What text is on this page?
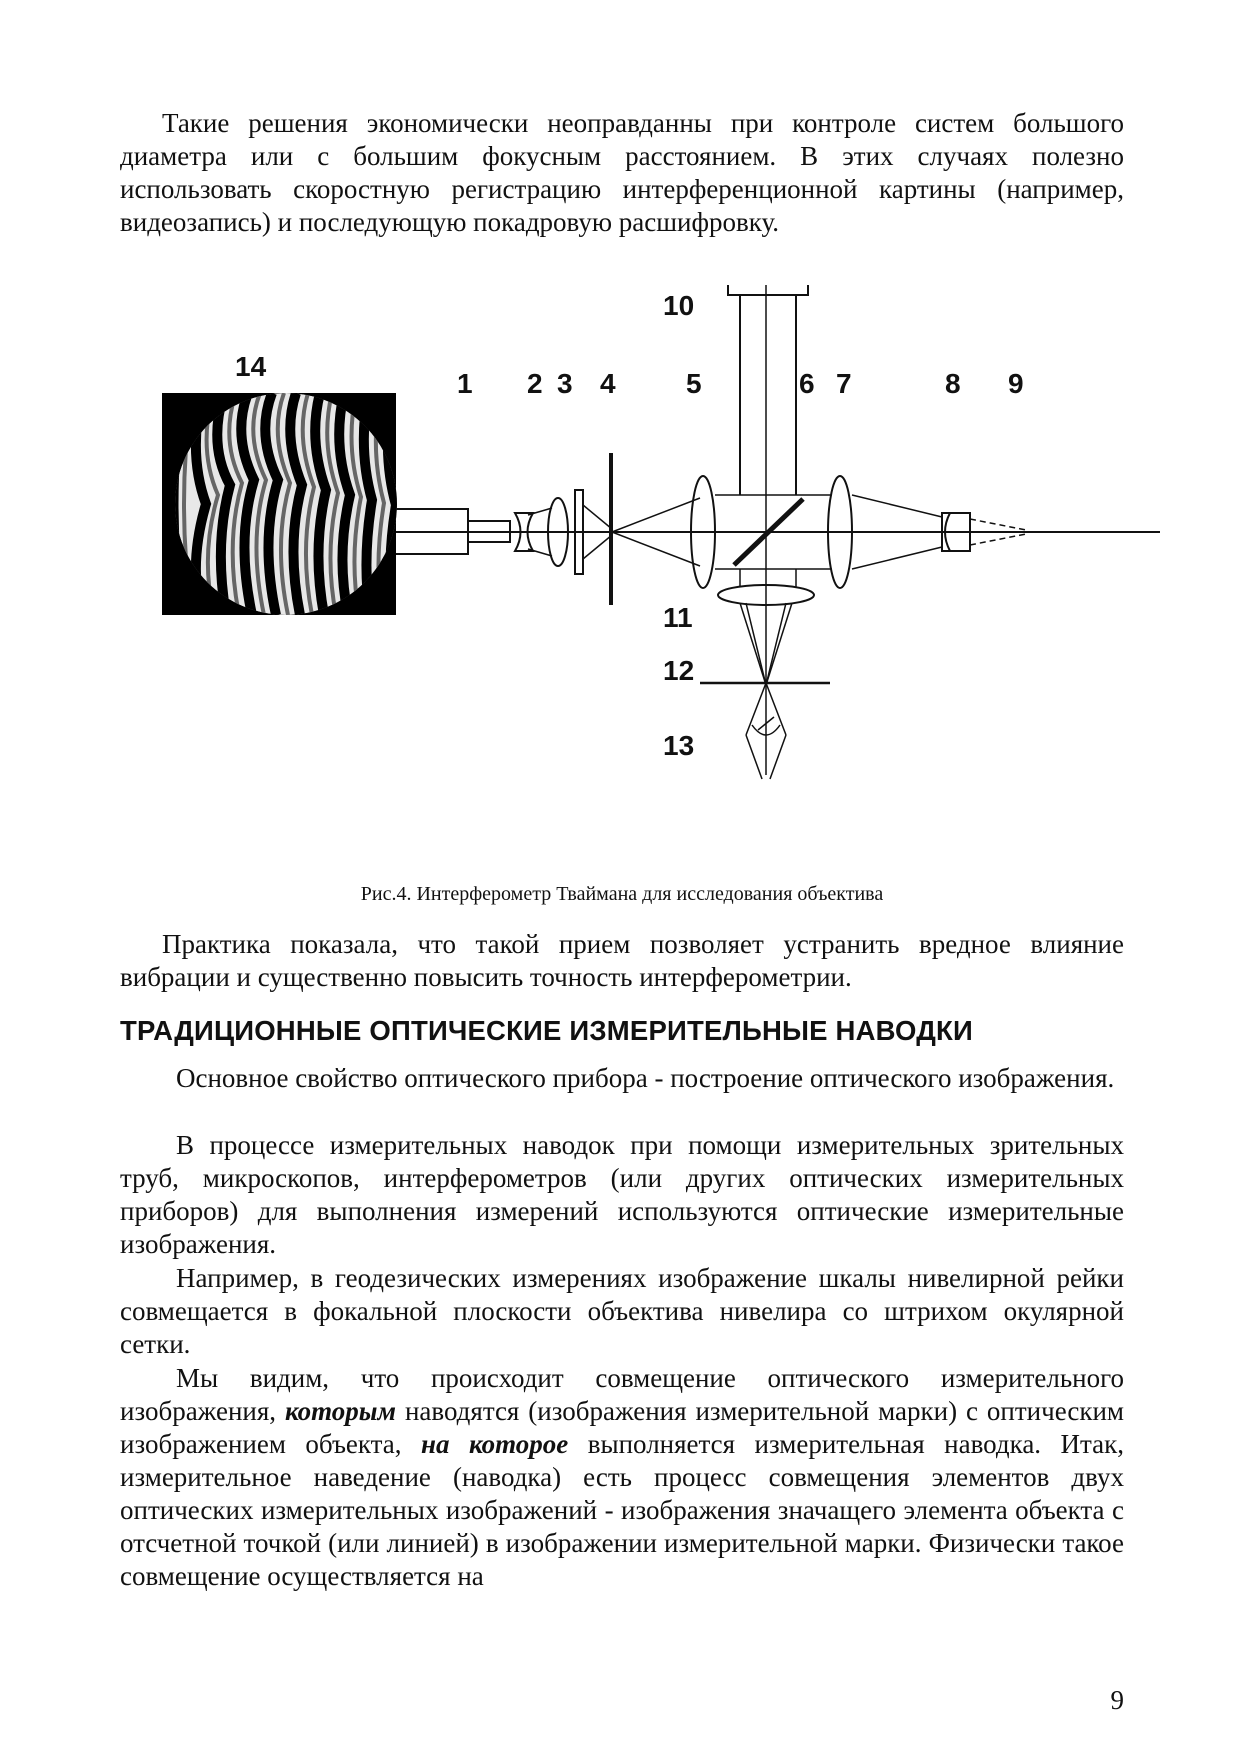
Такие решения экономически неоправданны при контроле систем большого диаметра или с большим фокусным расстоянием. В этих случаях полезно использовать скоростную регистрацию интерференционной картины (например, видеозапись) и последующую покадровую расшифровку.

1 2 3 4	5	6 7	8 9
10
11
12
13
14
Рис.4. Интерферометр Тваймана для исследования объектива

Практика показала, что такой прием позволяет устранить вредное влияние вибрации и существенно повысить точность интерферометрии.

ТРАДИЦИОННЫЕ ОПТИЧЕСКИЕ ИЗМЕРИТЕЛЬНЫЕ НАВОДКИ

Основное свойство оптического прибора - построение оптического изображения.

В процессе измерительных наводок при помощи измерительных зрительных труб, микроскопов, интерферометров (или других оптических измерительных приборов) для выполнения измерений используются оптические измерительные изображения.

Например, в геодезических измерениях изображение шкалы нивелирной рейки совмещается в фокальной плоскости объектива нивелира со штрихом окулярной сетки.

Мы видим, что происходит совмещение оптического измерительного изображения, которым наводятся (изображения измерительной марки) с оптическим изображением объекта, на которое выполняется измерительная наводка. Итак, измерительное наведение (наводка) есть процесс совмещения элементов двух оптических измерительных изображений - изображения значащего элемента объекта с отсчетной точкой (или линией) в изображении измерительной марки. Физически такое совмещение осуществляется на

9
